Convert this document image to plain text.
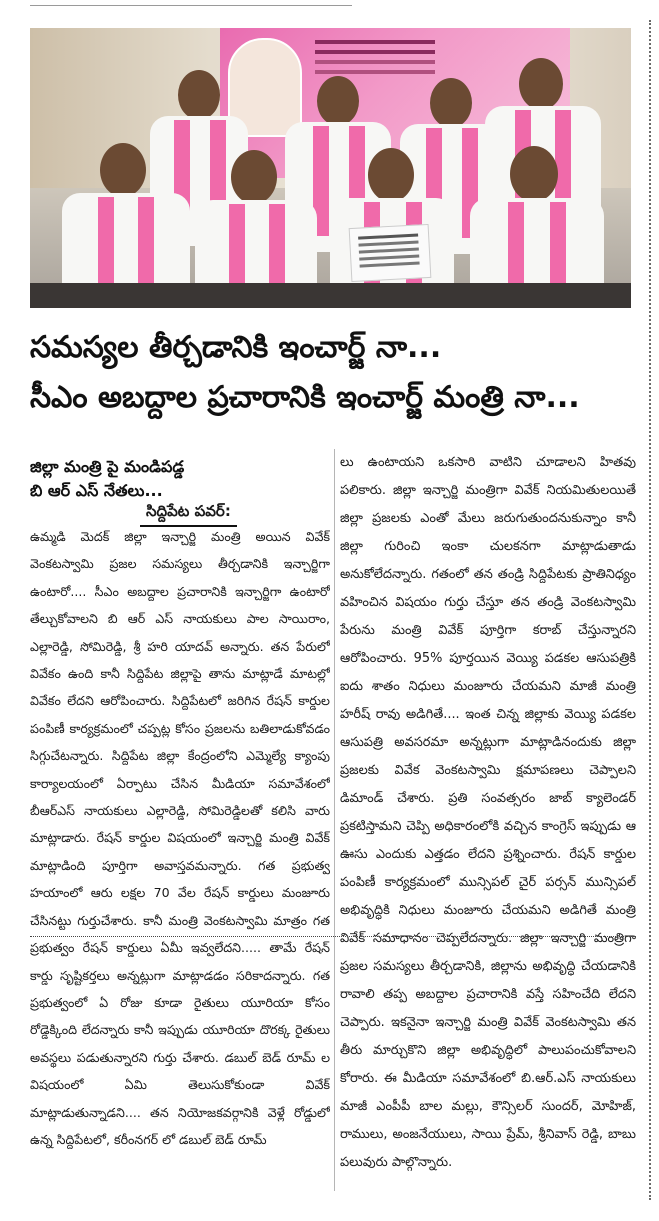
సమస్యల తీర్చడానికి ఇంచార్జ్ నా...
సీఎం అబద్దాల ప్రచారానికి ఇంచార్జ్ మంత్రి నా...
జిల్లా మంత్రి పై మండిపడ్డ
బి ఆర్ ఎస్ నేతలు...
సిద్దిపేట పవర్:
ఉమ్మడి మెదక్ జిల్లా ఇన్చార్జి మంత్రి అయిన వివేక్ వెంకటస్వామి ప్రజల సమస్యలు తీర్చడానికి ఇన్చార్జిగా ఉంటారో.... సీఎం అబద్దాల ప్రచారానికి ఇన్చార్జిగా ఉంటారో తేల్చుకోవాలని బి ఆర్ ఎస్ నాయకులు పాల సాయిరాం, ఎల్లారెడ్డి, సోమిరెడ్డి, శ్రీ హరి యాదవ్ అన్నారు. తన పేరులో వివేకం ఉంది కానీ సిద్దిపేట జిల్లాపై తాను మాట్లాడే మాటల్లో వివేకం లేదని ఆరోపించారు. సిద్దిపేటలో జరిగిన రేషన్ కార్డుల పంపిణీ కార్యక్రమంలో చప్పట్ల కోసం ప్రజలను బతిలాడుకోవడం సిగ్గుచేటన్నారు. సిద్దిపేట జిల్లా కేంద్రంలోని ఎమ్మెల్యే క్యాంపు కార్యాలయంలో ఏర్పాటు చేసిన మీడియా సమావేశంలో బీఆర్ఎస్ నాయకులు ఎల్లారెడ్డి, సోమిరెడ్డిలతో కలిసి వారు మాట్లాడారు. రేషన్ కార్డుల విషయంలో ఇన్చార్జి మంత్రి వివేక్ మాట్లాడింది పూర్తిగా అవాస్తవమన్నారు. గత ప్రభుత్వ హయాంలో ఆరు లక్షల 70 వేల రేషన్ కార్డులు మంజూరు చేసినట్టు గుర్తుచేశారు. కానీ మంత్రి వెంకటస్వామి మాత్రం గత ప్రభుత్వం రేషన్ కార్డులు ఏమీ ఇవ్వలేదని..... తామే రేషన్ కార్డు సృష్టికర్తలు అన్నట్లుగా మాట్లాడడం సరికాదన్నారు. గత ప్రభుత్వంలో ఏ రోజు కూడా రైతులు యూరియా కోసం రోడ్డెక్కింది లేదన్నారు కానీ ఇప్పుడు యూరియా దొరక్క రైతులు అవస్థలు పడుతున్నారని గుర్తు చేశారు. డబుల్ బెడ్ రూమ్ ల విషయంలో ఏమి తెలుసుకోకుండా వివేక్ మాట్లాడుతున్నాడని.... తన నియోజకవర్గానికి వెళ్లే రోడ్డులో ఉన్న సిద్దిపేటలో, కరీంనగర్ లో డబుల్ బెడ్ రూమ్
లు ఉంటాయని ఒకసారి వాటిని చూడాలని హితవు పలికారు. జిల్లా ఇన్చార్జి మంత్రిగా వివేక్ నియమితులయితే జిల్లా ప్రజలకు ఎంతో మేలు జరుగుతుందనుకున్నాం కానీ జిల్లా గురించి ఇంకా చులకనగా మాట్లాడుతాడు అనుకోలేదన్నారు. గతంలో తన తండ్రి సిద్దిపేటకు ప్రాతినిధ్యం వహించిన విషయం గుర్తు చేస్తూ తన తండ్రి వెంకటస్వామి పేరును మంత్రి వివేక్ పూర్తిగా కరాబ్ చేస్తున్నారని ఆరోపించారు. 95% పూర్తయిన వెయ్యి పడకల ఆసుపత్రికి ఐదు శాతం నిధులు మంజూరు చేయమని మాజీ మంత్రి హరీష్ రావు అడిగితే.... ఇంత చిన్న జిల్లాకు వెయ్యి పడకల ఆసుపత్రి అవసరమా అన్నట్లుగా మాట్లాడినందుకు జిల్లా ప్రజలకు వివేక వెంకటస్వామి క్షమాపణలు చెప్పాలని డిమాండ్ చేశారు. ప్రతి సంవత్సరం జాబ్ క్యాలెండర్ ప్రకటిస్తామని చెప్పి అధికారంలోకి వచ్చిన కాంగ్రెస్ ఇప్పుడు ఆ ఊసు ఎందుకు ఎత్తడం లేదని ప్రశ్నించారు. రేషన్ కార్డుల పంపిణీ కార్యక్రమంలో మున్సిపల్ చైర్ పర్సన్ మున్సిపల్ అభివృద్ధికి నిధులు మంజూరు చేయమని అడిగితే మంత్రి వివేక్ సమాధానం చెప్పలేదన్నారు. జిల్లా ఇన్చార్జి మంత్రిగా ప్రజల సమస్యలు తీర్చడానికి, జిల్లాను అభివృద్ధి చేయడానికి రావాలి తప్ప అబద్దాల ప్రచారానికి వస్తే సహించేది లేదని చెప్పారు. ఇకనైనా ఇన్చార్జి మంత్రి వివేక్ వెంకటస్వామి తన తీరు మార్చుకొని జిల్లా అభివృద్ధిలో పాలుపంచుకోవాలని కోరారు. ఈ మీడియా సమావేశంలో బి.ఆర్.ఎస్ నాయకులు మాజీ ఎంపీపీ బాల మల్లు, కౌన్సిలర్ సుందర్, మోహిజ్, రాములు, అంజనేయులు, సాయి ప్రేమ్, శ్రీనివాస్ రెడ్డి, బాబు పలువురు పాల్గొన్నారు.
